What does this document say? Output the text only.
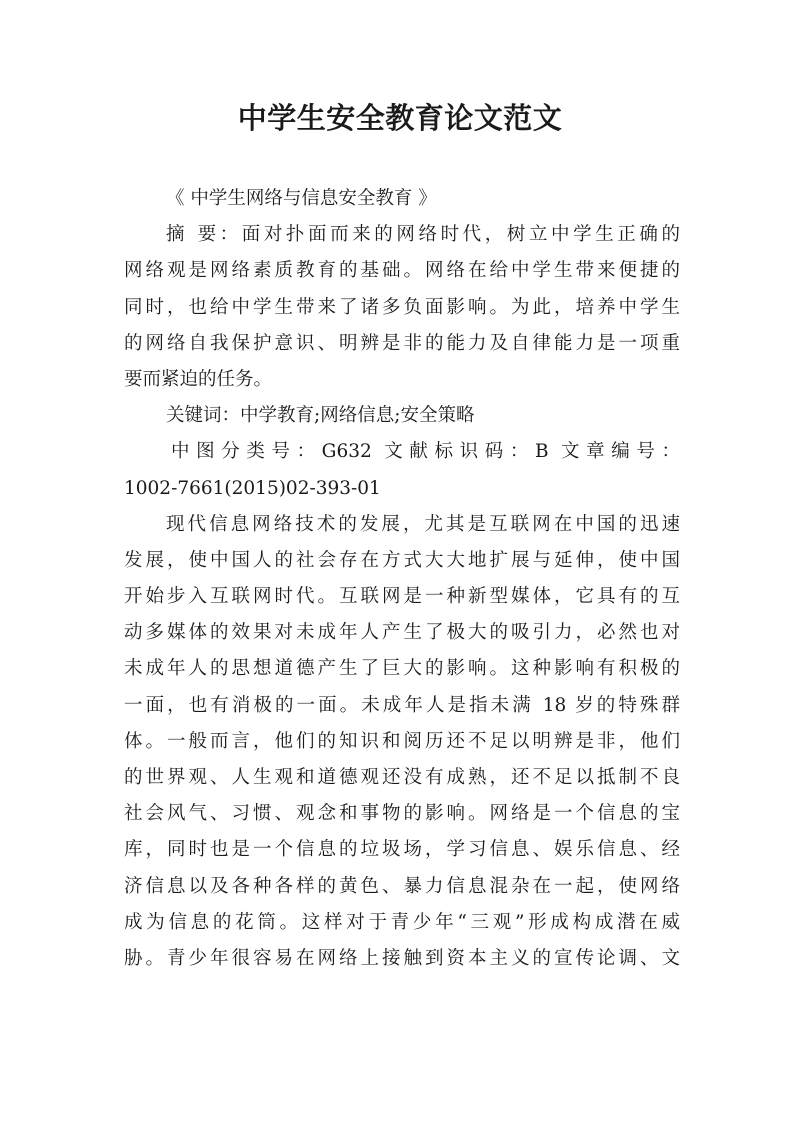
中学生安全教育论文范文
《 中学生网络与信息安全教育 》
摘 要：面对扑面而来的网络时代，树立中学生正确的
网络观是网络素质教育的基础。网络在给中学生带来便捷的
同时，也给中学生带来了诸多负面影响。为此，培养中学生
的网络自我保护意识、明辨是非的能力及自律能力是一项重
要而紧迫的任务。
关键词：中学教育;网络信息;安全策略
中图分类号：G632 文献标识码：B 文章编号：
1002-7661(2015)02-393-01
现代信息网络技术的发展，尤其是互联网在中国的迅速
发展，使中国人的社会存在方式大大地扩展与延伸，使中国
开始步入互联网时代。互联网是一种新型媒体，它具有的互
动多媒体的效果对未成年人产生了极大的吸引力，必然也对
未成年人的思想道德产生了巨大的影响。这种影响有积极的
一面，也有消极的一面。未成年人是指未满 18 岁的特殊群
体。一般而言，他们的知识和阅历还不足以明辨是非，他们
的世界观、人生观和道德观还没有成熟，还不足以抵制不良
社会风气、习惯、观念和事物的影响。网络是一个信息的宝
库，同时也是一个信息的垃圾场，学习信息、娱乐信息、经
济信息以及各种各样的黄色、暴力信息混杂在一起，使网络
成为信息的花筒。这样对于青少年“三观”形成构成潜在威
胁。青少年很容易在网络上接触到资本主义的宣传论调、文
